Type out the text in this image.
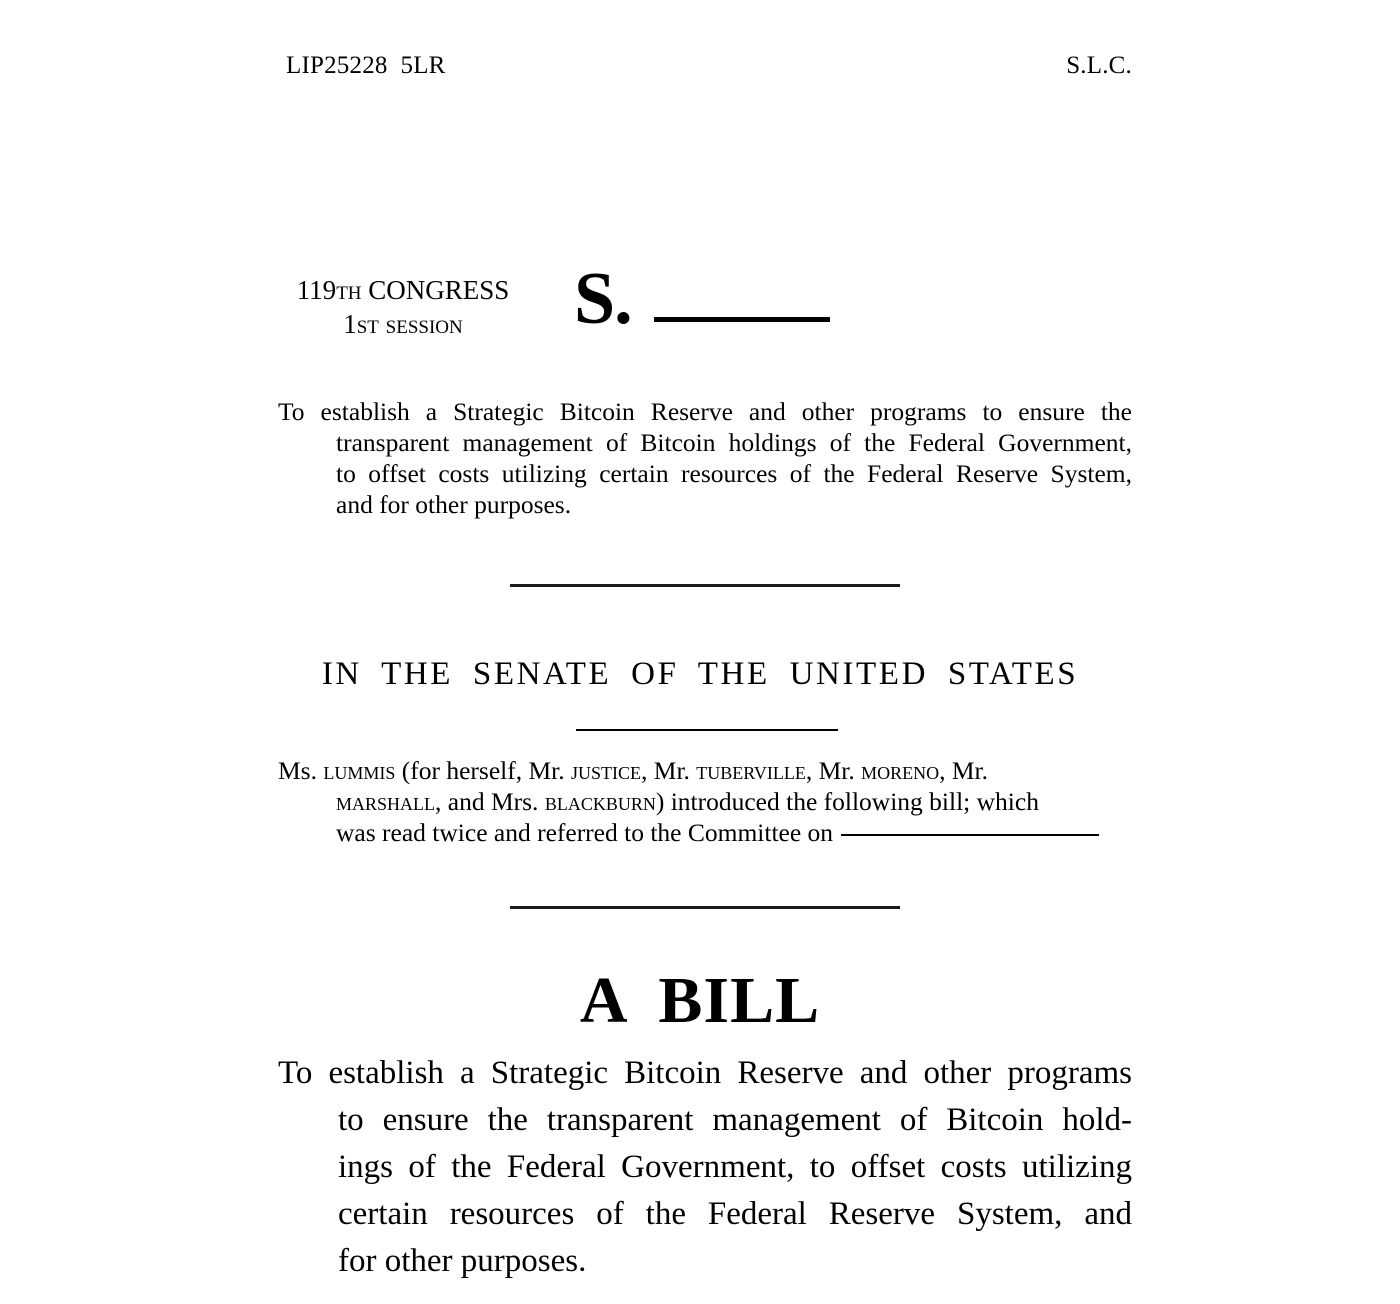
LIP25228  5LR	S.L.C.
119th CONGRESS
1st session	S.
To establish a Strategic Bitcoin Reserve and other programs to ensure the
transparent management of Bitcoin holdings of the Federal Government,
to offset costs utilizing certain resources of the Federal Reserve System,
and for other purposes.
IN THE SENATE OF THE UNITED STATES
Ms. lummis (for herself, Mr. justice, Mr. tuberville, Mr. moreno, Mr.
marshall, and Mrs. blackburn) introduced the following bill; which
was read twice and referred to the Committee on
A BILL
To establish a Strategic Bitcoin Reserve and other programs
to ensure the transparent management of Bitcoin hold-
ings of the Federal Government, to offset costs utilizing
certain resources of the Federal Reserve System, and
for other purposes.
